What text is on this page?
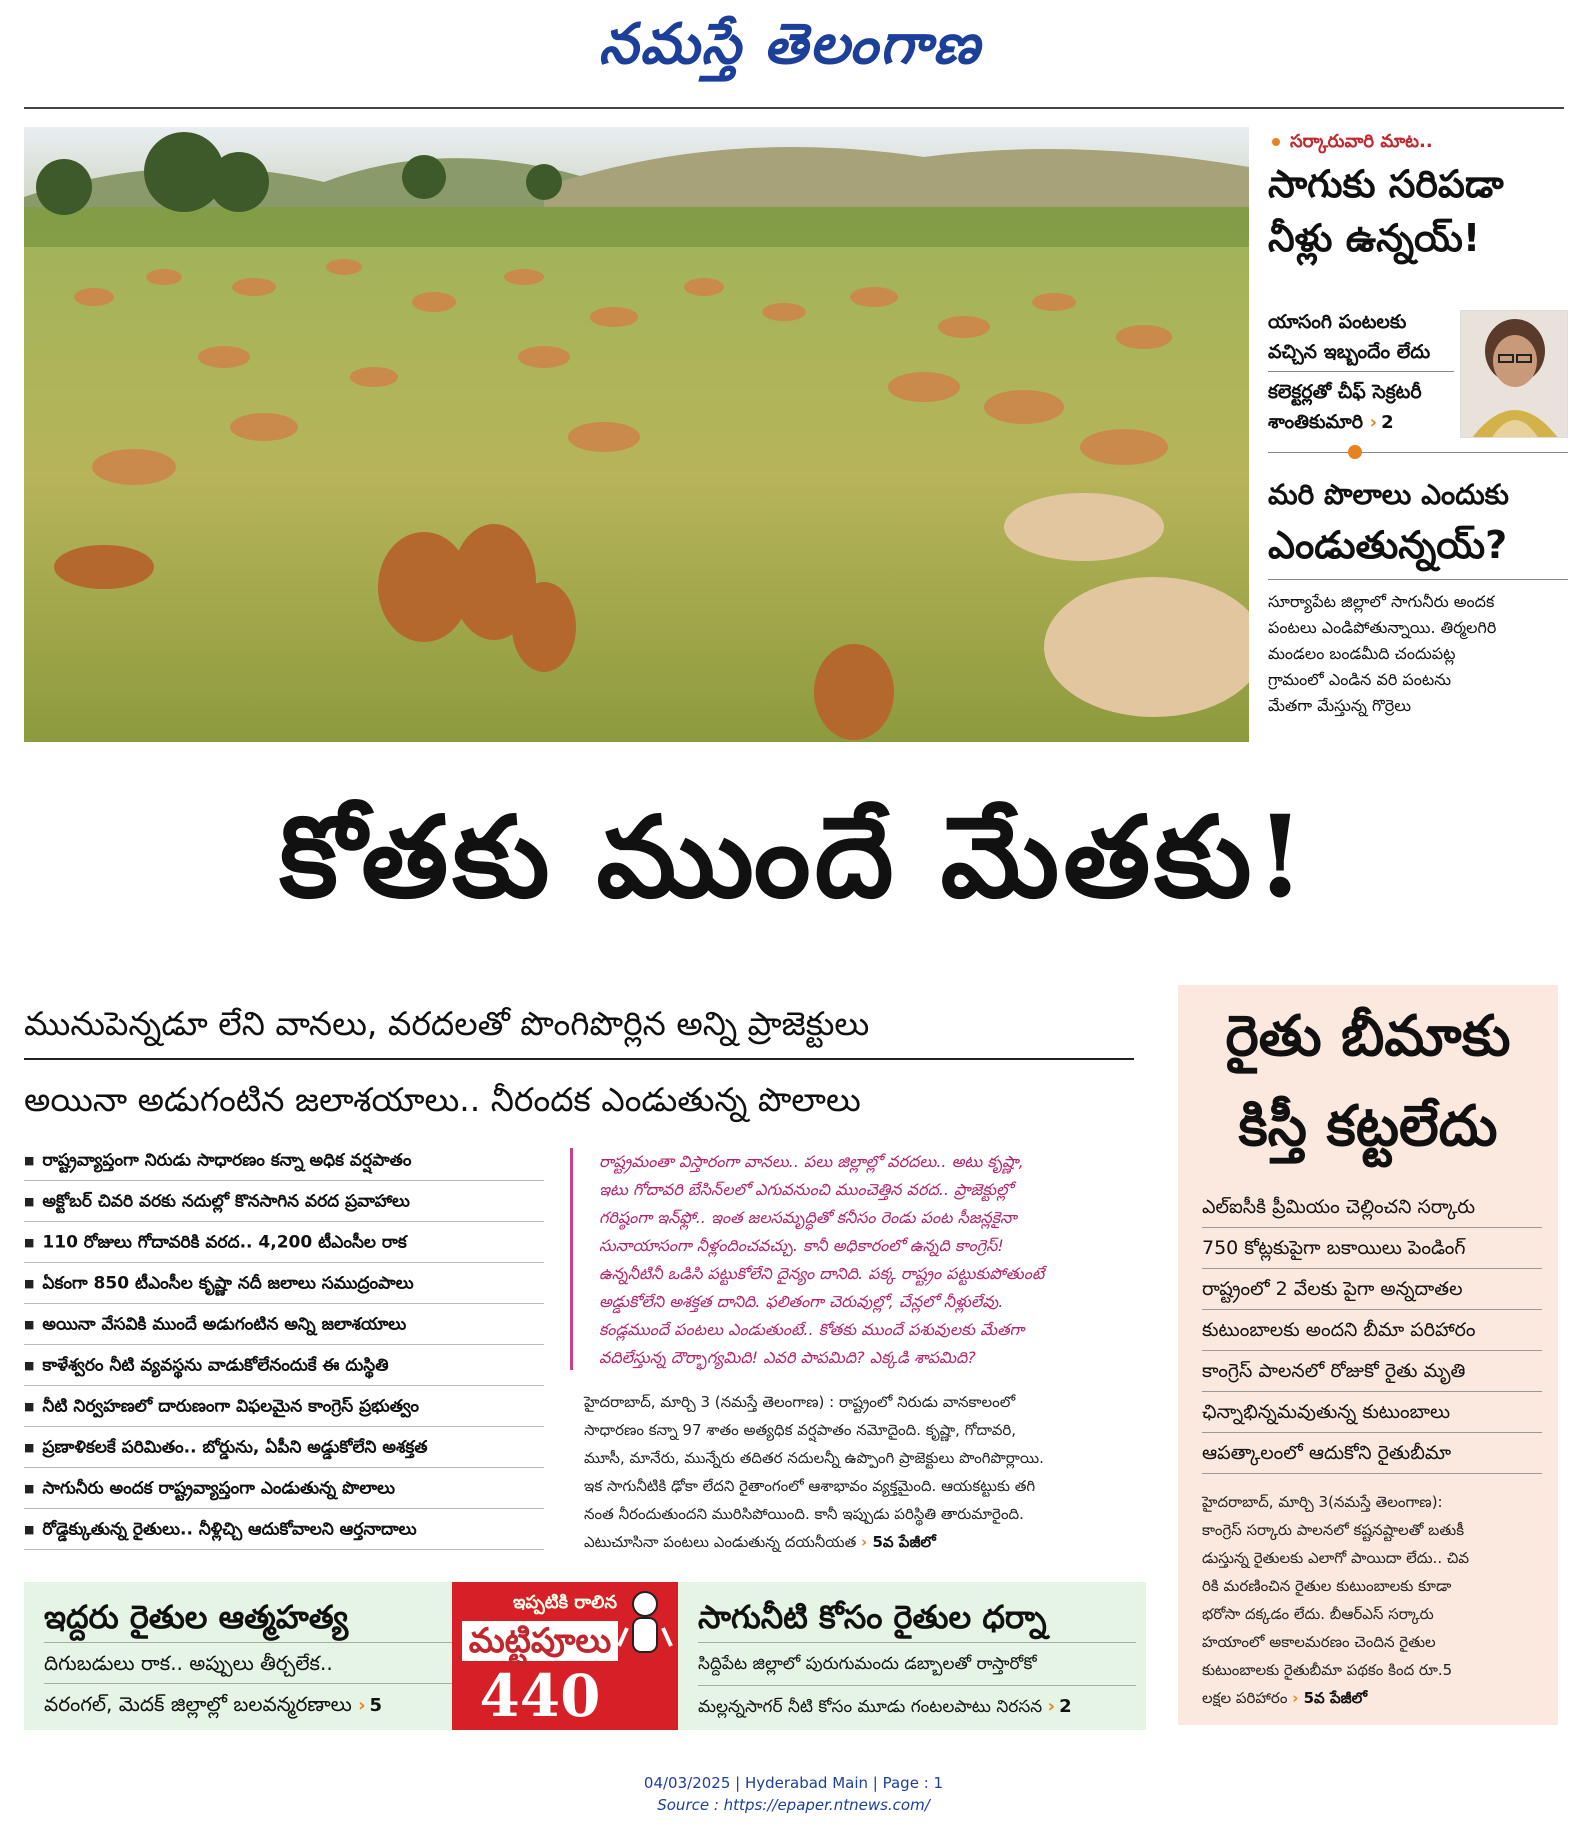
నమస్తే తెలంగాణ
సర్కారువారి మాట..
సాగుకు సరిపడా
నీళ్లు ఉన్నయ్!
యాసంగి పంటలకు
వచ్చిన ఇబ్బందేం లేదు
కలెక్టర్లతో చీఫ్ సెక్రటరీ
శాంతికుమారి › 2
మరి పొలాలు ఎందుకు
ఎండుతున్నయ్?
సూర్యాపేట జిల్లాలో సాగునీరు అందక
పంటలు ఎండిపోతున్నాయి. తిర్మలగిరి
మండలం బండమీది చందుపట్ల
గ్రామంలో ఎండిన వరి పంటను
మేతగా మేస్తున్న గొర్రెలు
కోతకు ముందే మేతకు!
మునుపెన్నడూ లేని వానలు, వరదలతో పొంగిపొర్లిన అన్ని ప్రాజెక్టులు
అయినా అడుగంటిన జలాశయాలు.. నీరందక ఎండుతున్న పొలాలు
■ రాష్ట్రవ్యాప్తంగా నిరుడు సాధారణం కన్నా అధిక వర్షపాతం
■ అక్టోబర్ చివరి వరకు నదుల్లో కొనసాగిన వరద ప్రవాహాలు
■ 110 రోజులు గోదావరికి వరద.. 4,200 టీఎంసీల రాక
■ ఏకంగా 850 టీఎంసీల కృష్ణా నదీ జలాలు సముద్రంపాలు
■ అయినా వేసవికి ముందే అడుగంటిన అన్ని జలాశయాలు
■ కాళేశ్వరం నీటి వ్యవస్థను వాడుకోలేనందుకే ఈ దుస్థితి
■ నీటి నిర్వహణలో దారుణంగా విఫలమైన కాంగ్రెస్ ప్రభుత్వం
■ ప్రణాళికలకే పరిమితం.. బోర్డును, ఏపీని అడ్డుకోలేని అశక్తత
■ సాగునీరు అందక రాష్ట్రవ్యాప్తంగా ఎండుతున్న పొలాలు
■ రోడ్డెక్కుతున్న రైతులు.. నీళ్లిచ్చి ఆదుకోవాలని ఆర్తనాదాలు

రాష్ట్రమంతా విస్తారంగా వానలు.. పలు జిల్లాల్లో వరదలు.. అటు కృష్ణా,

ఇటు గోదావరి బేసిన్‌లలో ఎగువనుంచి ముంచెత్తిన వరద.. ప్రాజెక్టుల్లో

గరిష్ఠంగా ఇన్‌ఫ్లో.. ఇంత జలసమృద్ధితో కనీసం రెండు పంట సీజన్లకైనా

సునాయాసంగా నీళ్లందించవచ్చు. కానీ అధికారంలో ఉన్నది కాంగ్రెస్!

ఉన్ననీటినీ ఒడిసి పట్టుకోలేని దైన్యం దానిది. పక్క రాష్ట్రం పట్టుకుపోతుంటే

అడ్డుకోలేని అశక్తత దానిది. ఫలితంగా చెరువుల్లో, చేన్లలో నీళ్లులేవు.

కండ్లముందే పంటలు ఎండుతుంటే.. కోతకు ముందే పశువులకు మేతగా

వదిలేస్తున్న దౌర్భాగ్యమిది! ఎవరి పాపమిది? ఎక్కడి శాపమిది?

హైదరాబాద్, మార్చి 3 (నమస్తే తెలంగాణ) : రాష్ట్రంలో నిరుడు వానకాలంలో

సాధారణం కన్నా 97 శాతం అత్యధిక వర్షపాతం నమోదైంది. కృష్ణా, గోదావరి,

మూసీ, మానేరు, మున్నేరు తదితర నదులన్నీ ఉప్పొంగి ప్రాజెక్టులు పొంగిపొర్లాయి.

ఇక సాగునీటికి ఢోకా లేదని రైతాంగంలో ఆశాభావం వ్యక్తమైంది. ఆయకట్టుకు తగి

నంత నీరందుతుందని మురిసిపోయింది. కానీ ఇప్పుడు పరిస్థితి తారుమారైంది.

ఎటుచూసినా పంటలు ఎండుతున్న దయనీయత › 5వ పేజీలో

రైతు బీమాకు
కిస్తీ కట్టలేదు
ఎల్‌ఐసీకి ప్రీమియం చెల్లించని సర్కారు
750 కోట్లకుపైగా బకాయిలు పెండింగ్
రాష్ట్రంలో 2 వేలకు పైగా అన్నదాతల
కుటుంబాలకు అందని బీమా పరిహారం
కాంగ్రెస్ పాలనలో రోజుకో రైతు మృతి
ఛిన్నాభిన్నమవుతున్న కుటుంబాలు
ఆపత్కాలంలో ఆదుకోని రైతుబీమా

హైదరాబాద్, మార్చి 3(నమస్తే తెలంగాణ):

కాంగ్రెస్ సర్కారు పాలనలో కష్టనష్టాలతో బతుకీ

డుస్తున్న రైతులకు ఎలాగో పాయిదా లేదు.. చివ

రికి మరణించిన రైతుల కుటుంబాలకు కూడా

భరోసా దక్కడం లేదు. బీఆర్‌ఎస్ సర్కారు

హయాంలో అకాలమరణం చెందిన రైతుల

కుటుంబాలకు రైతుబీమా పథకం కింద రూ.5

లక్షల పరిహారం › 5వ పేజీలో

ఇద్దరు రైతుల ఆత్మహత్య
దిగుబడులు రాక.. అప్పులు తీర్చలేక..
వరంగల్, మెదక్ జిల్లాల్లో బలవన్మరణాలు › 5
ఇప్పటికి రాలిన
మట్టిపూలు
440
సాగునీటి కోసం రైతుల ధర్నా
సిద్దిపేట జిల్లాలో పురుగుమందు డబ్బాలతో రాస్తారోకో
మల్లన్నసాగర్ నీటి కోసం మూడు గంటలపాటు నిరసన › 2
04/03/2025 | Hyderabad Main | Page : 1
Source : https://epaper.ntnews.com/
